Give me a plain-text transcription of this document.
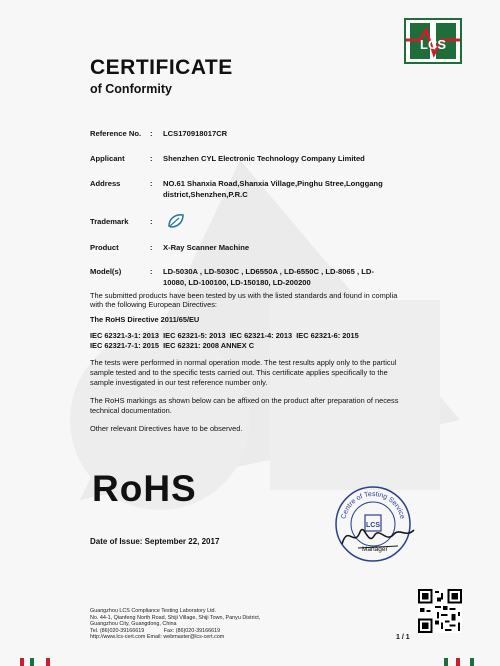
CERTIFICATE
of Conformity
LCS
Reference No.	: LCS170918017CR
Applicant	: Shenzhen CYL Electronic Technology Company Limited
Address	: NO.61 Shanxia Road,Shanxia Village,Pinghu Stree,Longgang
district,Shenzhen,P.R.C
Trademark	:
Product	: X-Ray Scanner Machine
Model(s)	: LD-5030A , LD-5030C , LD6550A , LD-6550C , LD-8065 , LD-
10080, LD-100100, LD-150180, LD-200200
The submitted products have been tested by us with the listed standards and found in complia
with the following European Directives:
The RoHS Directive 2011/65/EU
IEC 62321-3-1: 2013  IEC 62321-5: 2013  IEC 62321-4: 2013  IEC 62321-6: 2015
IEC 62321-7-1: 2015  IEC 62321: 2008 ANNEX C
The tests were performed in normal operation mode. The test results apply only to the particul
sample tested and to the specific tests carried out. This certificate applies specifically to the
sample investigated in our test reference number only.
The RoHS markings as shown below can be affixed on the product after preparation of necess
technical documentation.
Other relevant Directives have to be observed.
RoHS
Centre of Testing Service
LCS
Manager
Date of Issue: September 22, 2017
Guangzhou LCS Compliance Testing Laboratory Ltd.
No. 44-1, Qianfeng North Road, Shiji Village, Shiji Town, Panyu District,
Guangzhou City, Guangdong, China
Tel. (86)020-39166619	Fax: (86)020-39166619
http://www.lcs-cert.com Email: webmaster@lcs-cert.com	1 / 1
